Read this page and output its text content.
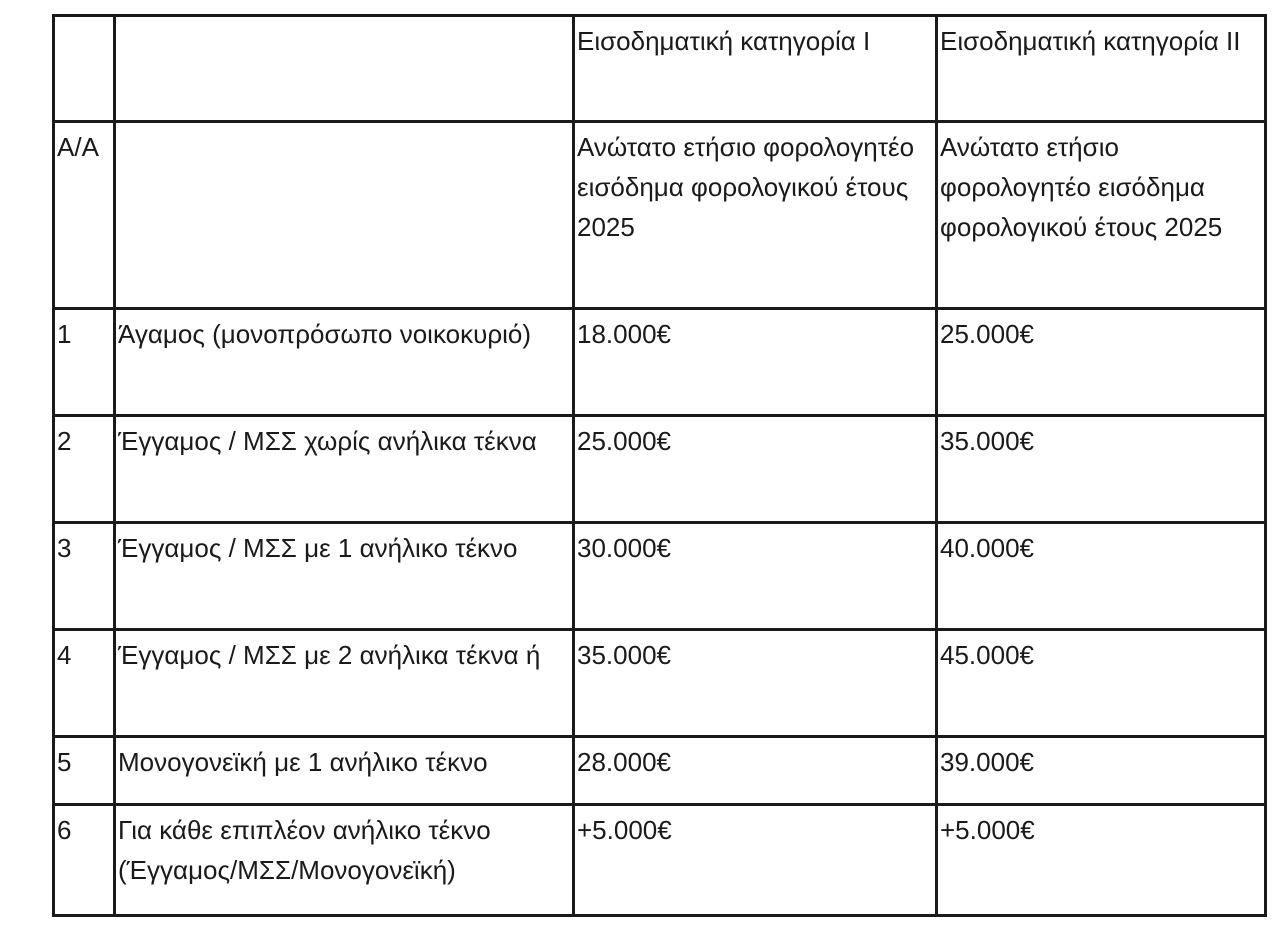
		Εισοδηματική κατηγορία Ι	Εισοδηματική κατηγορία ΙΙ

Α/Α		Ανώτατο ετήσιο φορολογητέο εισόδημα φορολογικού έτους 2025	Ανώτατο ετήσιο φορολογητέο εισόδημα φορολογικού έτους 2025

1	Άγαμος (μονοπρόσωπο νοικοκυριό)	18.000€	25.000€

2	Έγγαμος / ΜΣΣ χωρίς ανήλικα τέκνα	25.000€	35.000€

3	Έγγαμος / ΜΣΣ με 1 ανήλικο τέκνο	30.000€	40.000€

4	Έγγαμος / ΜΣΣ με 2 ανήλικα τέκνα ή	35.000€	45.000€

5	Μονογονεϊκή με 1 ανήλικο τέκνο	28.000€	39.000€

6	Για κάθε επιπλέον ανήλικο τέκνο (Έγγαμος/ΜΣΣ/Μονογονεϊκή)	+5.000€	+5.000€
